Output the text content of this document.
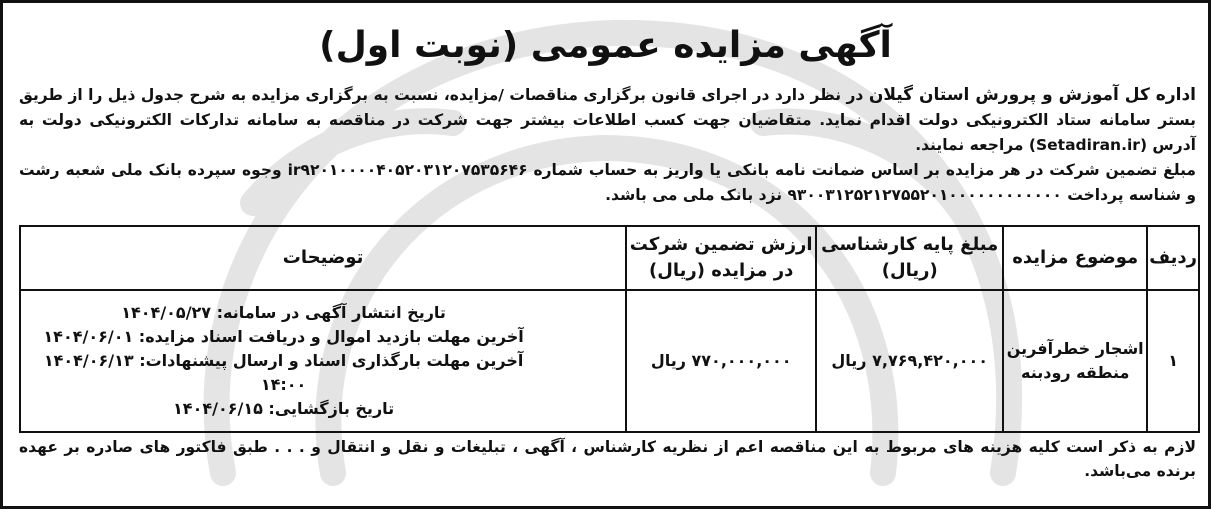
آگهی مزایده عمومی (نوبت اول)

اداره کل آموزش و پرورش استان گیلان در نظر دارد در اجرای قانون برگزاری مناقصات /مزایده، نسبت به برگزاری مزایده به شرح جدول ذیل را از طریق بستر سامانه ستاد الکترونیکی دولت اقدام نماید. متقاضیان جهت کسب اطلاعات بیشتر جهت شرکت در مناقصه به سامانه تدارکات الکترونیکی دولت به آدرس (Setadiran.ir) مراجعه نمایند.

مبلغ تضمین شرکت در هر مزایده بر اساس ضمانت نامه بانکی یا واریز به حساب شماره ir۹۲۰۱۰۰۰۰۴۰۵۲۰۳۱۲۰۷۵۳۵۶۴۶ وجوه سپرده بانک ملی شعبه رشت و شناسه پرداخت ۹۳۰۰۳۱۲۵۲۱۲۷۵۵۲۰۱۰۰۰۰۰۰۰۰۰۰۰۰ نزد بانک ملی می باشد.

ردیف	موضوع مزایده	مبلغ پایه کارشناسی (ریال)	ارزش تضمین شرکت در مزایده (ریال)	توضیحات
۱	اشجار خطرآفرین منطقه رودبنه	۷,۷۶۹,۴۲۰,۰۰۰ ریال	۷۷۰,۰۰۰,۰۰۰ ریال	تاریخ انتشار آگهی در سامانه: ۱۴۰۴/۰۵/۲۷
آخرین مهلت بازدید اموال و دریافت اسناد مزایده: ۱۴۰۴/۰۶/۰۱
آخرین مهلت بارگذاری اسناد و ارسال پیشنهادات: ۱۴۰۴/۰۶/۱۳ ۱۴:۰۰
تاریخ بازگشایی: ۱۴۰۴/۰۶/۱۵
لازم به ذکر است کلیه هزینه های مربوط به این مناقصه اعم از نظریه کارشناس ، آگهی ، تبلیغات و نقل و انتقال و . . . طبق فاکتور های صادره بر عهده برنده می‌باشد.
